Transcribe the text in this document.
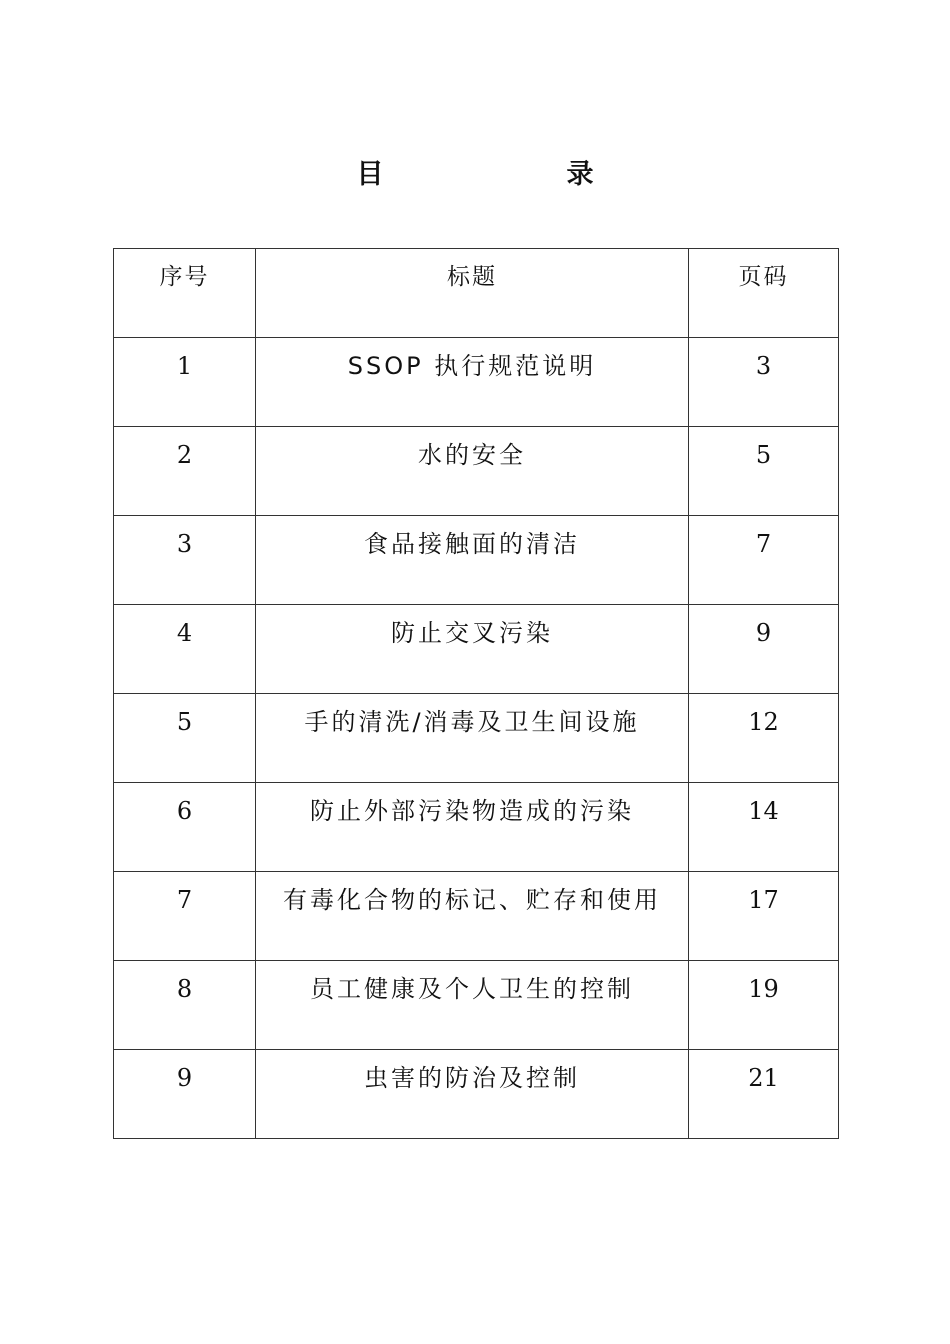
目　录
序号	标题	页码
1	SSOP 执行规范说明	3
2	水的安全	5
3	食品接触面的清洁	7
4	防止交叉污染	9
5	手的清洗/消毒及卫生间设施	12
6	防止外部污染物造成的污染	14
7	有毒化合物的标记、贮存和使用	17
8	员工健康及个人卫生的控制	19
9	虫害的防治及控制	21
